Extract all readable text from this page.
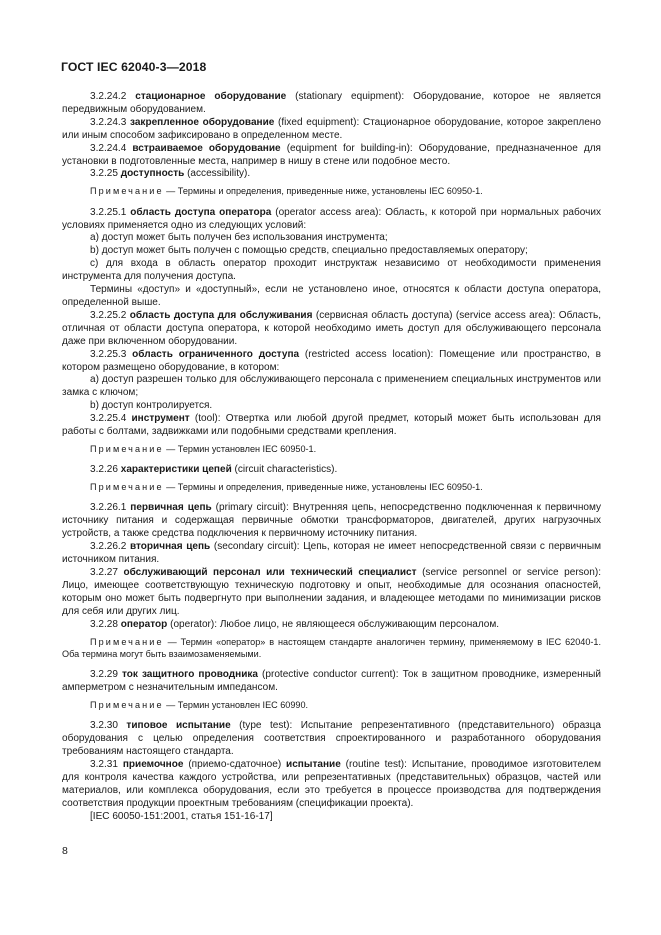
ГОСТ IEC 62040-3—2018

3.2.24.2 стационарное оборудование (stationary equipment): Оборудование, которое не является передвижным оборудованием.

3.2.24.3 закрепленное оборудование (fixed equipment): Стационарное оборудование, которое закреплено или иным способом зафиксировано в определенном месте.

3.2.24.4 встраиваемое оборудование (equipment for building-in): Оборудование, предназначенное для установки в подготовленные места, например в нишу в стене или подобное место.

3.2.25 доступность (accessibility).

Примечание — Термины и определения, приведенные ниже, установлены IEC 60950-1.

3.2.25.1 область доступа оператора (operator access area): Область, к которой при нормальных рабочих условиях применяется одно из следующих условий:

a) доступ может быть получен без использования инструмента;

b) доступ может быть получен с помощью средств, специально предоставляемых оператору;

c) для входа в область оператор проходит инструктаж независимо от необходимости применения инструмента для получения доступа.

Термины «доступ» и «доступный», если не установлено иное, относятся к области доступа оператора, определенной выше.

3.2.25.2 область доступа для обслуживания (сервисная область доступа) (service access area): Область, отличная от области доступа оператора, к которой необходимо иметь доступ для обслуживающего персонала даже при включенном оборудовании.

3.2.25.3 область ограниченного доступа (restricted access location): Помещение или пространство, в котором размещено оборудование, в котором:

a) доступ разрешен только для обслуживающего персонала с применением специальных инструментов или замка с ключом;

b) доступ контролируется.

3.2.25.4 инструмент (tool): Отвертка или любой другой предмет, который может быть использован для работы с болтами, задвижками или подобными средствами крепления.

Примечание — Термин установлен IEC 60950-1.

3.2.26 характеристики цепей (circuit characteristics).

Примечание — Термины и определения, приведенные ниже, установлены IEC 60950-1.

3.2.26.1 первичная цепь (primary circuit): Внутренняя цепь, непосредственно подключенная к первичному источнику питания и содержащая первичные обмотки трансформаторов, двигателей, других нагрузочных устройств, а также средства подключения к первичному источнику питания.

3.2.26.2 вторичная цепь (secondary circuit): Цепь, которая не имеет непосредственной связи с первичным источником питания.

3.2.27 обслуживающий персонал или технический специалист (service personnel or service person): Лицо, имеющее соответствующую техническую подготовку и опыт, необходимые для осознания опасностей, которым оно может быть подвергнуто при выполнении задания, и владеющее методами по минимизации рисков для себя или других лиц.

3.2.28 оператор (operator): Любое лицо, не являющееся обслуживающим персоналом.

Примечание — Термин «оператор» в настоящем стандарте аналогичен термину, применяемому в IEC 62040-1. Оба термина могут быть взаимозаменяемыми.

3.2.29 ток защитного проводника (protective conductor current): Ток в защитном проводнике, измеренный амперметром с незначительным импедансом.

Примечание — Термин установлен IEC 60990.

3.2.30 типовое испытание (type test): Испытание репрезентативного (представительного) образца оборудования с целью определения соответствия спроектированного и разработанного оборудования требованиям настоящего стандарта.

3.2.31 приемочное (приемо-сдаточное) испытание (routine test): Испытание, проводимое изготовителем для контроля качества каждого устройства, или репрезентативных (представительных) образцов, частей или материалов, или комплекса оборудования, если это требуется в процессе производства для подтверждения соответствия продукции проектным требованиям (спецификации проекта).

[IEC 60050-151:2001, статья 151-16-17]

8
